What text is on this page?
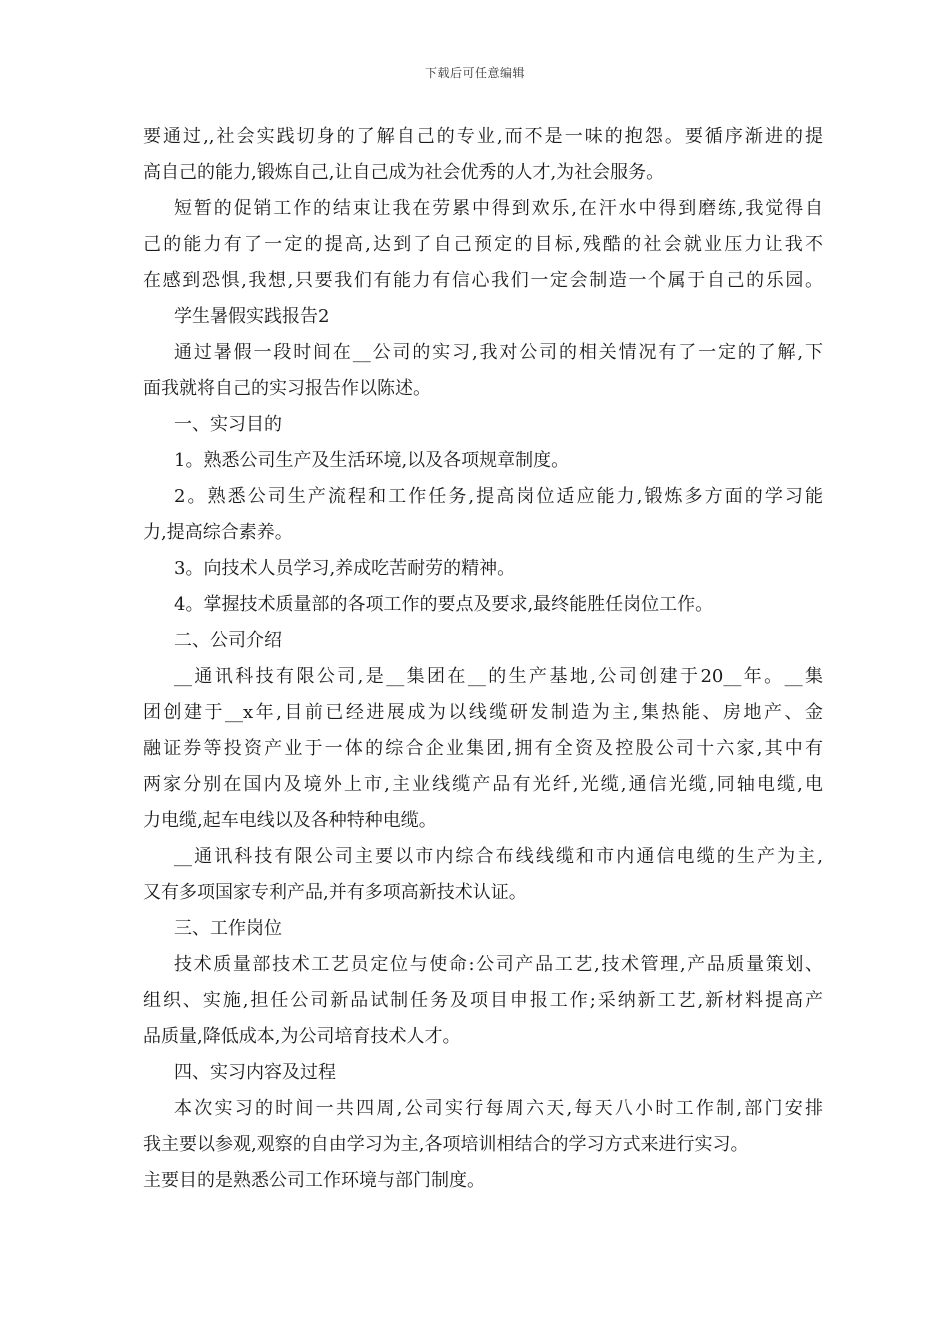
下载后可任意编辑
要通过,,社会实践切身的了解自己的专业,而不是一味的抱怨。要循序渐进的提
高自己的能力,锻炼自己,让自己成为社会优秀的人才,为社会服务。
短暂的促销工作的结束让我在劳累中得到欢乐,在汗水中得到磨练,我觉得自
己的能力有了一定的提高,达到了自己预定的目标,残酷的社会就业压力让我不
在感到恐惧,我想,只要我们有能力有信心我们一定会制造一个属于自己的乐园。
学生暑假实践报告2
通过暑假一段时间在__公司的实习,我对公司的相关情况有了一定的了解,下
面我就将自己的实习报告作以陈述。
一、实习目的
1。熟悉公司生产及生活环境,以及各项规章制度。
2。熟悉公司生产流程和工作任务,提高岗位适应能力,锻炼多方面的学习能
力,提高综合素养。
3。向技术人员学习,养成吃苦耐劳的精神。
4。掌握技术质量部的各项工作的要点及要求,最终能胜任岗位工作。
二、公司介绍
__通讯科技有限公司,是__集团在__的生产基地,公司创建于20__年。__集
团创建于__x年,目前已经进展成为以线缆研发制造为主,集热能、房地产、金
融证券等投资产业于一体的综合企业集团,拥有全资及控股公司十六家,其中有
两家分别在国内及境外上市,主业线缆产品有光纤,光缆,通信光缆,同轴电缆,电
力电缆,起车电线以及各种特种电缆。
__通讯科技有限公司主要以市内综合布线线缆和市内通信电缆的生产为主,
又有多项国家专利产品,并有多项高新技术认证。
三、工作岗位
技术质量部技术工艺员定位与使命:公司产品工艺,技术管理,产品质量策划、
组织、实施,担任公司新品试制任务及项目申报工作;采纳新工艺,新材料提高产
品质量,降低成本,为公司培育技术人才。
四、实习内容及过程
本次实习的时间一共四周,公司实行每周六天,每天八小时工作制,部门安排
我主要以参观,观察的自由学习为主,各项培训相结合的学习方式来进行实习。
主要目的是熟悉公司工作环境与部门制度。
